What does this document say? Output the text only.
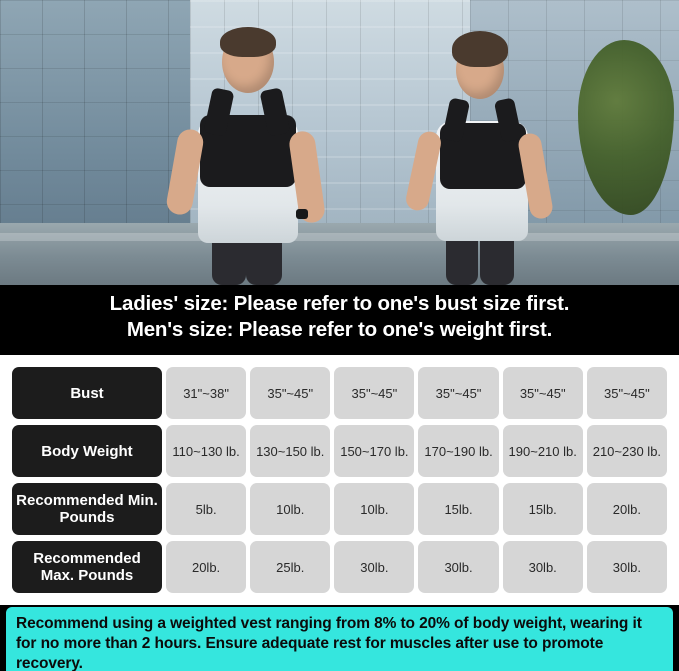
Ladies' size: Please refer to one's bust size first.
Men's size: Please refer to one's weight first.
Bust	31"~38"	35"~45"	35"~45"	35"~45"	35"~45"	35"~45"
Body Weight	110~130 lb.	130~150 lb.	150~170 lb.	170~190 lb.	190~210 lb.	210~230 lb.
Recommended Min. Pounds	5lb.	10lb.	10lb.	15lb.	15lb.	20lb.
Recommended Max. Pounds	20lb.	25lb.	30lb.	30lb.	30lb.	30lb.
Recommend using a weighted vest ranging from 8% to 20% of body weight, wearing it for no more than 2 hours. Ensure adequate rest for muscles after use to promote recovery.
